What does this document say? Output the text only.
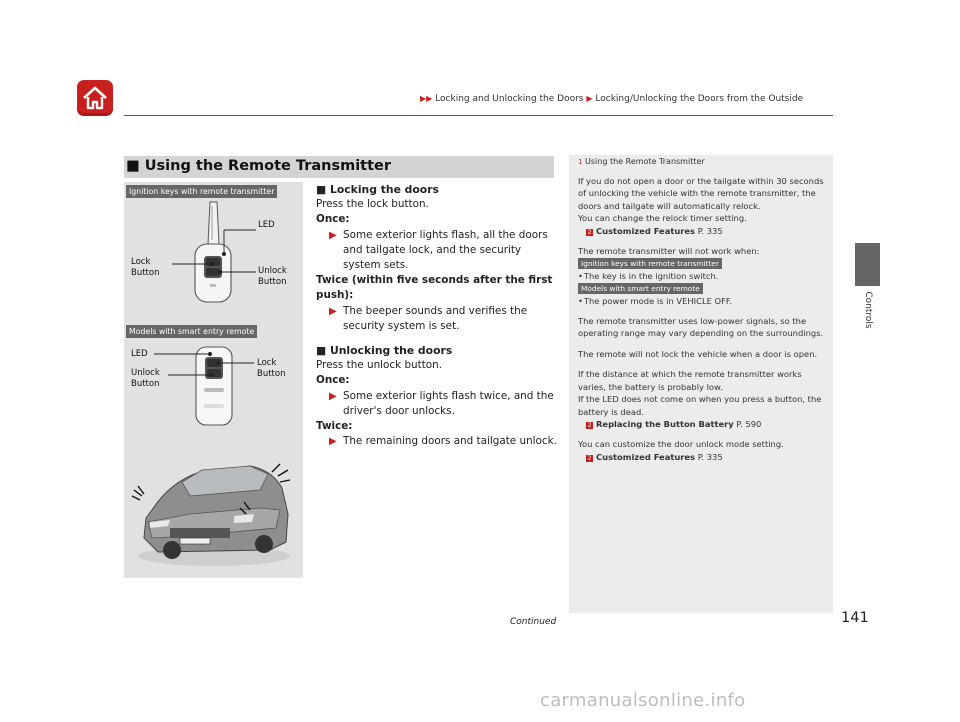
▶▶ Locking and Unlocking the Doors ▶ Locking/Unlocking the Doors from the Outside
Controls
■ Using the Remote Transmitter
Ignition keys with remote transmitter
LED
Lock Button	Unlock Button
Models with smart entry remote
LED
Unlock Button
Lock Button
■ Locking the doors
Press the lock button.
Once:
▶ Some exterior lights flash, all the doors and tailgate lock, and the security system sets.
Twice (within five seconds after the first push):
▶ The beeper sounds and verifies the security system is set.
■ Unlocking the doors
Press the unlock button.
Once:
▶ Some exterior lights flash twice, and the driver's door unlocks.
Twice:
▶ The remaining doors and tailgate unlock.
1 Using the Remote Transmitter
If you do not open a door or the tailgate within 30 seconds of unlocking the vehicle with the remote transmitter, the doors and tailgate will automatically relock.
You can change the relock timer setting.
2 Customized Features P. 335
The remote transmitter will not work when:
Ignition keys with remote transmitter
• The key is in the ignition switch.
Models with smart entry remote
• The power mode is in VEHICLE OFF.
The remote transmitter uses low-power signals, so the operating range may vary depending on the surroundings.
The remote will not lock the vehicle when a door is open.
If the distance at which the remote transmitter works varies, the battery is probably low.
If the LED does not come on when you press a button, the battery is dead.
2 Replacing the Button Battery P. 590
You can customize the door unlock mode setting.
2 Customized Features P. 335
Continued	141
carmanualsonline.info
